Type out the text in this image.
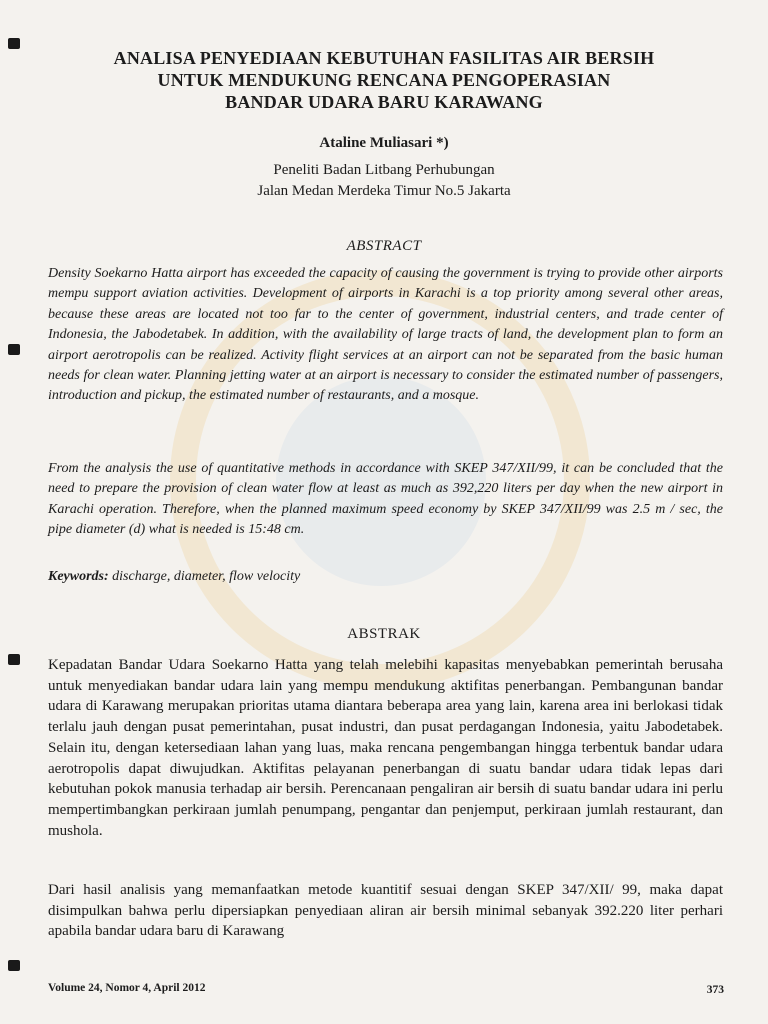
ANALISA PENYEDIAAN KEBUTUHAN FASILITAS AIR BERSIH
UNTUK MENDUKUNG RENCANA PENGOPERASIAN
BANDAR UDARA BARU KARAWANG
Ataline Muliasari *)
Peneliti Badan Litbang Perhubungan
Jalan Medan Merdeka Timur No.5 Jakarta
ABSTRACT

Density Soekarno Hatta airport has exceeded the capacity of causing the government is trying to provide other airports mempu support aviation activities. Development of airports in Karachi is a top priority among several other areas, because these areas are located not too far to the center of government, industrial centers, and trade center of Indonesia, the Jabodetabek. In addition, with the availability of large tracts of land, the development plan to form an airport aerotropolis can be realized. Activity flight services at an airport can not be separated from the basic human needs for clean water. Planning jetting water at an airport is necessary to consider the estimated number of passengers, introduction and pickup, the estimated number of restaurants, and a mosque.

From the analysis the use of quantitative methods in accordance with SKEP 347/XII/99, it can be concluded that the need to prepare the provision of clean water flow at least as much as 392,220 liters per day when the new airport in Karachi operation. Therefore, when the planned maximum speed economy by SKEP 347/XII/99 was 2.5 m / sec, the pipe diameter (d) what is needed is 15:48 cm.

Keywords: discharge, diameter, flow velocity

ABSTRAK

Kepadatan Bandar Udara Soekarno Hatta yang telah melebihi kapasitas menyebabkan pemerintah berusaha untuk menyediakan bandar udara lain yang mempu mendukung aktifitas penerbangan. Pembangunan bandar udara di Karawang merupakan prioritas utama diantara beberapa area yang lain, karena area ini berlokasi tidak terlalu jauh dengan pusat pemerintahan, pusat industri, dan pusat perdagangan Indonesia, yaitu Jabodetabek. Selain itu, dengan ketersediaan lahan yang luas, maka rencana pengembangan hingga terbentuk bandar udara aerotropolis dapat diwujudkan. Aktifitas pelayanan penerbangan di suatu bandar udara tidak lepas dari kebutuhan pokok manusia terhadap air bersih. Perencanaan pengaliran air bersih di suatu bandar udara ini perlu mempertimbangkan perkiraan jumlah penumpang, pengantar dan penjemput, perkiraan jumlah restaurant, dan mushola.

Dari hasil analisis yang memanfaatkan metode kuantitif sesuai dengan SKEP 347/XII/ 99, maka dapat disimpulkan bahwa perlu dipersiapkan penyediaan aliran air bersih minimal sebanyak 392.220 liter perhari apabila bandar udara baru di Karawang

Volume 24, Nomor 4, April 2012	373
